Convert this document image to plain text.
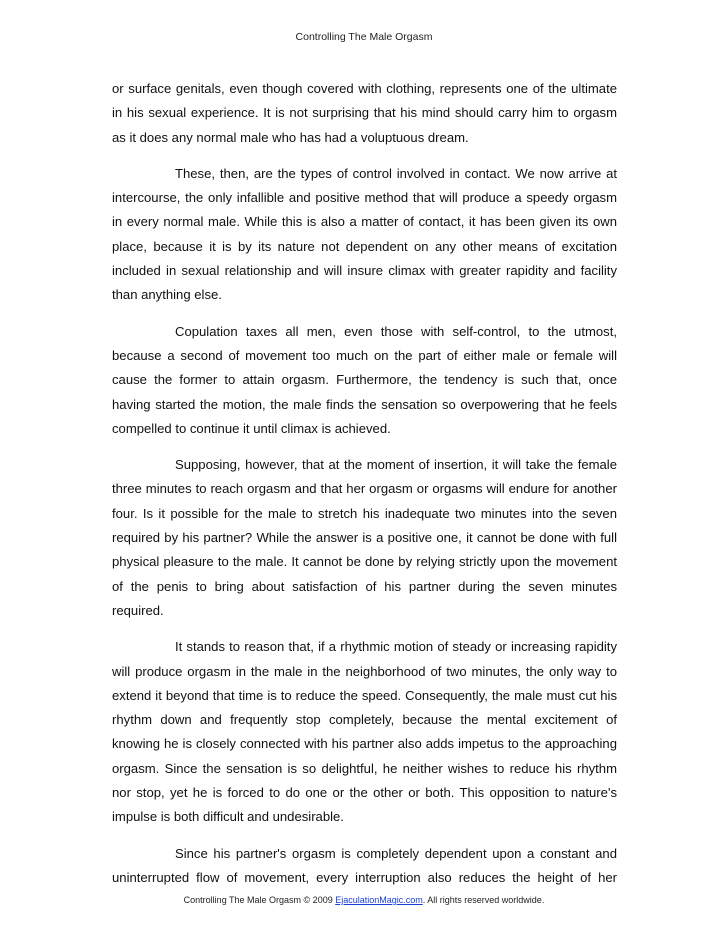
Controlling The Male Orgasm

or surface genitals, even though covered with clothing, represents one of the ultimate in his sexual experience. It is not surprising that his mind should carry him to orgasm as it does any normal male who has had a voluptuous dream.

These, then, are the types of control involved in contact. We now arrive at intercourse, the only infallible and positive method that will produce a speedy orgasm in every normal male. While this is also a matter of contact, it has been given its own place, because it is by its nature not dependent on any other means of excitation included in sexual relationship and will insure climax with greater rapidity and facility than anything else.

Copulation taxes all men, even those with self-control, to the utmost, because a second of movement too much on the part of either male or female will cause the former to attain orgasm. Furthermore, the tendency is such that, once having started the motion, the male finds the sensation so overpowering that he feels compelled to continue it until climax is achieved.

Supposing, however, that at the moment of insertion, it will take the female three minutes to reach orgasm and that her orgasm or orgasms will endure for another four. Is it possible for the male to stretch his inadequate two minutes into the seven required by his partner? While the answer is a positive one, it cannot be done with full physical pleasure to the male. It cannot be done by relying strictly upon the movement of the penis to bring about satisfaction of his partner during the seven minutes required.

It stands to reason that, if a rhythmic motion of steady or increasing rapidity will produce orgasm in the male in the neighborhood of two minutes, the only way to extend it beyond that time is to reduce the speed. Consequently, the male must cut his rhythm down and frequently stop completely, because the mental excitement of knowing he is closely connected with his partner also adds impetus to the approaching orgasm. Since the sensation is so delightful, he neither wishes to reduce his rhythm nor stop, yet he is forced to do one or the other or both. This opposition to nature's impulse is both difficult and undesirable.

Since his partner's orgasm is completely dependent upon a constant and uninterrupted flow of movement, every interruption also reduces the height of her

Controlling The Male Orgasm © 2009 EjaculationMagic.com. All rights reserved worldwide.
